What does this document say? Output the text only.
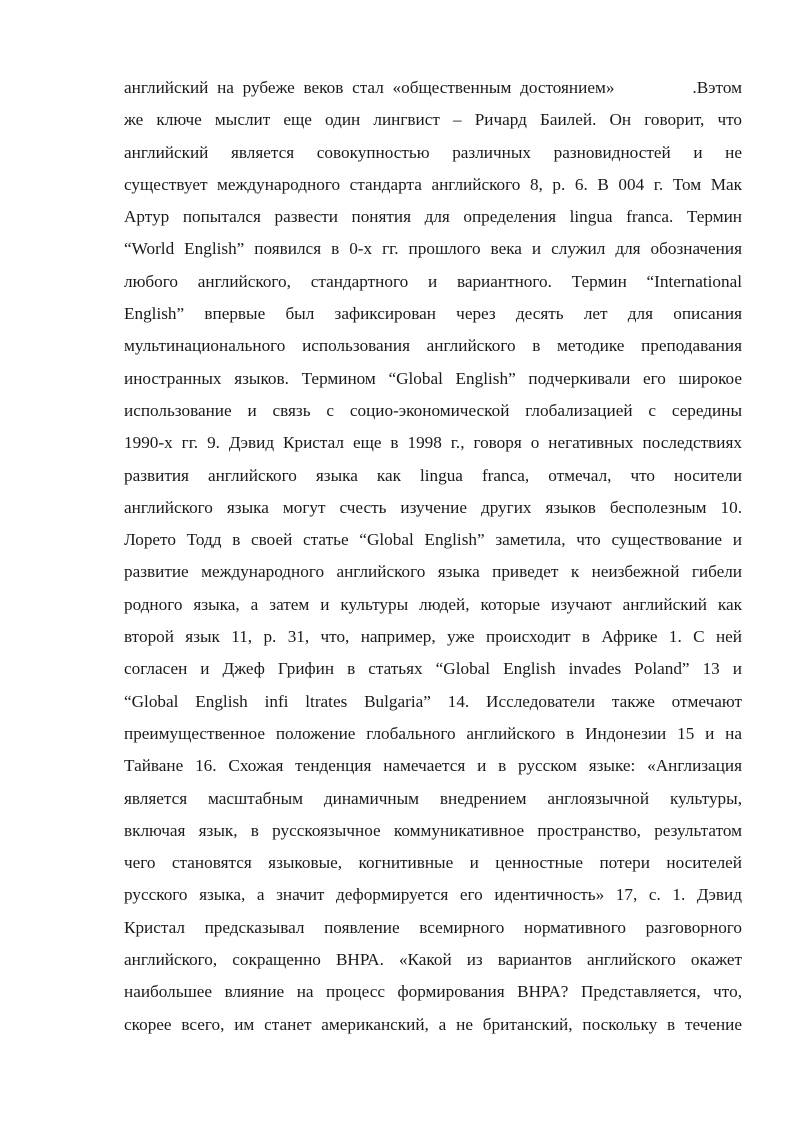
английский на рубеже веков стал «общественным достоянием»	.Вэтом
же ключе мыслит еще один лингвист – Ричард Баилей. Он говорит, что
английский является совокупностью различных разновидностей и не
существует международного стандарта английского 8, р. 6. В 004 г. Том Мак
Артур попытался развести понятия для определения lingua franca. Термин
“World English” появился в 0-х гг. прошлого века и служил для обозначения
любого английского, стандартного и вариантного. Термин “International
English” впервые был зафиксирован через десять лет для описания
мультинационального использования английского в методике преподавания
иностранных языков. Термином “Global English” подчеркивали его широкое
использование и связь с социо-экономической глобализацией с середины
1990-х гг. 9. Дэвид Кристал еще в 1998 г., говоря о негативных последствиях
развития английского языка как lingua franca, отмечал, что носители
английского языка могут счесть изучение других языков бесполезным 10.
Лорето Тодд в своей статье “Global English” заметила, что существование и
развитие международного английского языка приведет к неизбежной гибели
родного языка, а затем и культуры людей, которые изучают английский как
второй язык 11, р. 31, что, например, уже происходит в Африке 1. С ней
согласен и Джеф Грифин в статьях “Global English invades Poland” 13 и
“Global English infi ltrates Bulgaria” 14. Исследователи также отмечают
преимущественное положение глобального английского в Индонезии 15 и на
Тайване 16. Схожая тенденция намечается и в русском языке: «Англизация
является масштабным динамичным внедрением англоязычной культуры,
включая язык, в русскоязычное коммуникативное пространство, результатом
чего становятся языковые, когнитивные и ценностные потери носителей
русского языка, а значит деформируется его идентичность» 17, с. 1. Дэвид
Кристал предсказывал появление всемирного нормативного разговорного
английского, сокращенно ВНРА. «Какой из вариантов английского окажет
наибольшее влияние на процесс формирования ВНРА? Представляется, что,
скорее всего, им станет американский, а не британский, поскольку в течение
